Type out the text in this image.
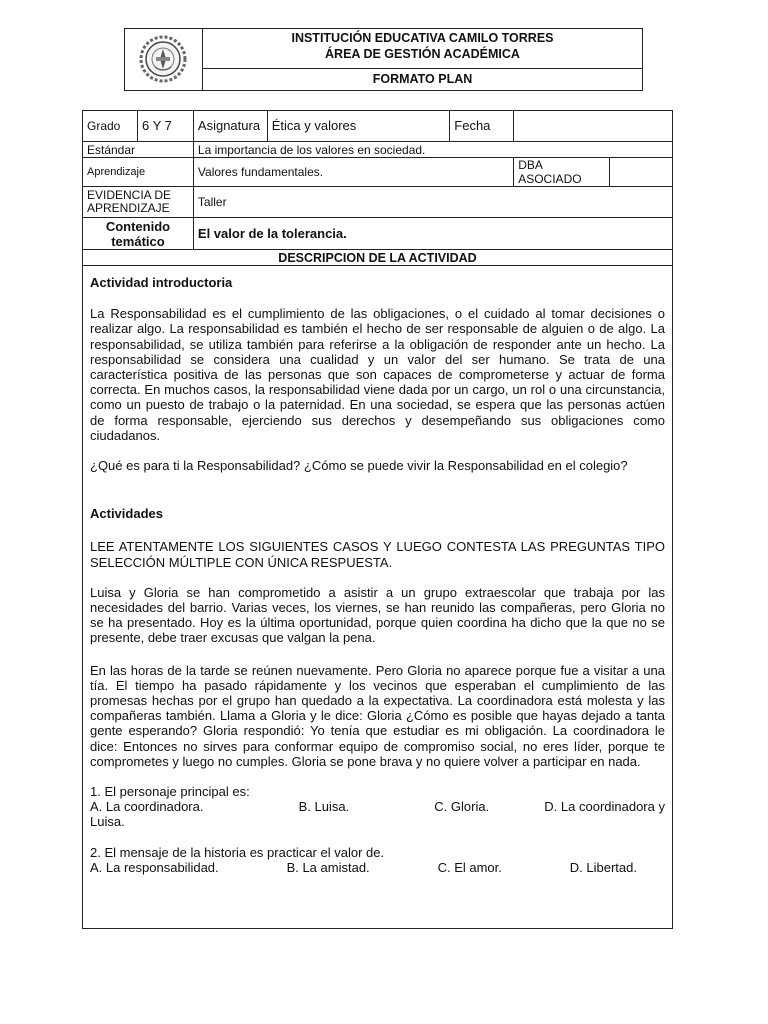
INSTITUCIÓN EDUCATIVA CAMILO TORRES
ÁREA DE GESTIÓN ACADÉMICA
FORMATO PLAN
Grado	6 Y 7	Asignatura	Ética y valores	Fecha		
Estándar		La importancia de los valores en sociedad.				
Aprendizaje		Valores fundamentales.			DBA ASOCIADO	
EVIDENCIA DE APRENDIZAJE		Taller				
Contenido temático		El valor de la tolerancia.				
DESCRIPCION DE LA ACTIVIDAD						

Actividad introductoria

La Responsabilidad es el cumplimiento de las obligaciones, o el cuidado al tomar decisiones o realizar algo. La responsabilidad es también el hecho de ser responsable de alguien o de algo. La responsabilidad, se utiliza también para referirse a la obligación de responder ante un hecho. La responsabilidad se considera una cualidad y un valor del ser humano. Se trata de una característica positiva de las personas que son capaces de comprometerse y actuar de forma correcta. En muchos casos, la responsabilidad viene dada por un cargo, un rol o una circunstancia, como un puesto de trabajo o la paternidad. En una sociedad, se espera que las personas actúen de forma responsable, ejerciendo sus derechos y desempeñando sus obligaciones como ciudadanos.

¿Qué es para ti la Responsabilidad? ¿Cómo se puede vivir la Responsabilidad en el colegio?

Actividades

LEE ATENTAMENTE LOS SIGUIENTES CASOS Y LUEGO CONTESTA LAS PREGUNTAS TIPO SELECCIÓN MÚLTIPLE CON ÚNICA RESPUESTA.

Luisa y Gloria se han comprometido a asistir a un grupo extraescolar que trabaja por las necesidades del barrio. Varias veces, los viernes, se han reunido las compañeras, pero Gloria no se ha presentado. Hoy es la última oportunidad, porque quien coordina ha dicho que la que no se presente, debe traer excusas que valgan la pena.

En las horas de la tarde se reúnen nuevamente. Pero Gloria no aparece porque fue a visitar a una tía. El tiempo ha pasado rápidamente y los vecinos que esperaban el cumplimiento de las promesas hechas por el grupo han quedado a la expectativa. La coordinadora está molesta y las compañeras también. Llama a Gloria y le dice: Gloria ¿Cómo es posible que hayas dejado a tanta gente esperando? Gloria respondió: Yo tenía que estudiar es mi obligación. La coordinadora le dice: Entonces no sirves para conformar equipo de compromiso social, no eres líder, porque te comprometes y luego no cumples. Gloria se pone brava y no quiere volver a participar en nada.

1. El personaje principal es:
A. La coordinadora.	B. Luisa.	C. Gloria.	D. La coordinadora y
Luisa.
2. El mensaje de la historia es practicar el valor de.
A. La responsabilidad.	B. La amistad.	C. El amor.	D. Libertad.
